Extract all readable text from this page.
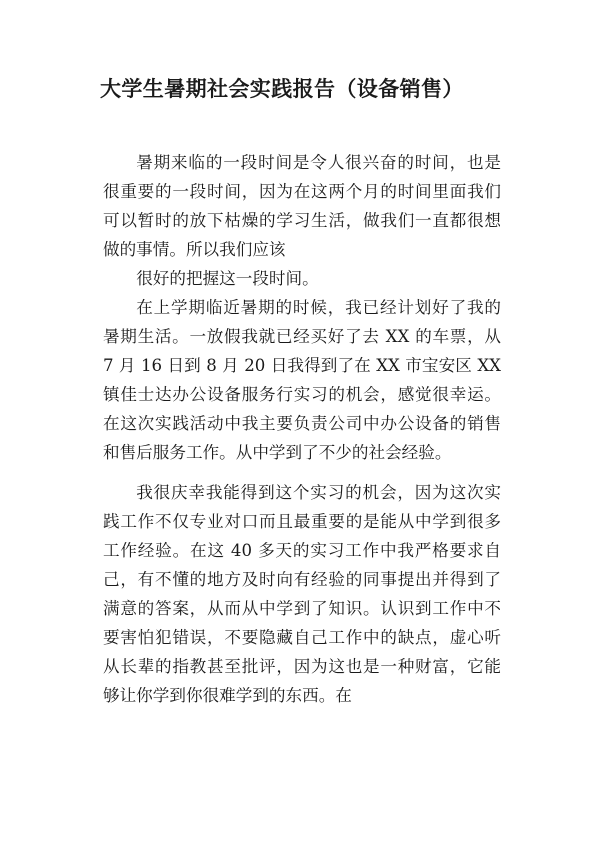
大学生暑期社会实践报告（设备销售）

暑期来临的一段时间是令人很兴奋的时间，也是很重要的一段时间，因为在这两个月的时间里面我们可以暂时的放下枯燥的学习生活，做我们一直都很想做的事情。所以我们应该

很好的把握这一段时间。

在上学期临近暑期的时候，我已经计划好了我的暑期生活。一放假我就已经买好了去 XX 的车票，从 7 月 16 日到 8 月 20 日我得到了在 XX 市宝安区 XX 镇佳士达办公设备服务行实习的机会，感觉很幸运。在这次实践活动中我主要负责公司中办公设备的销售和售后服务工作。从中学到了不少的社会经验。

我很庆幸我能得到这个实习的机会，因为这次实践工作不仅专业对口而且最重要的是能从中学到很多工作经验。在这 40 多天的实习工作中我严格要求自己，有不懂的地方及时向有经验的同事提出并得到了满意的答案，从而从中学到了知识。认识到工作中不要害怕犯错误，不要隐藏自己工作中的缺点，虚心听从长辈的指教甚至批评，因为这也是一种财富，它能够让你学到你很难学到的东西。在
